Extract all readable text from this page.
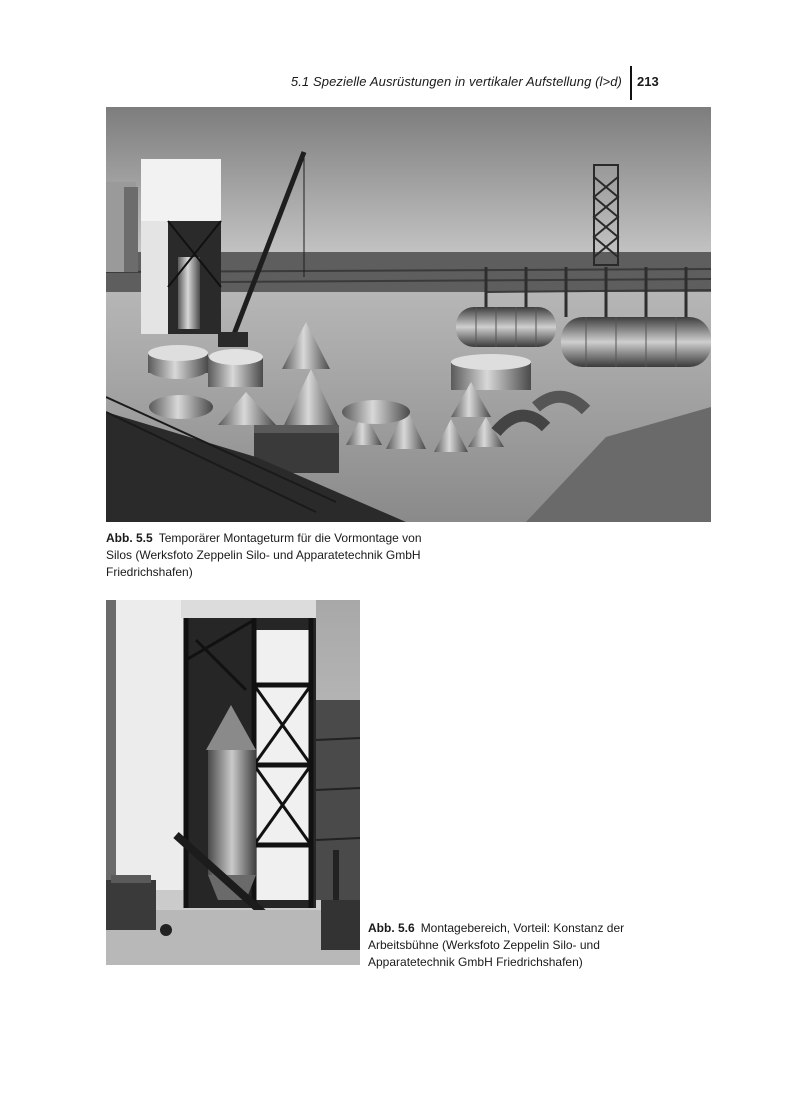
5.1 Spezielle Ausrüstungen in vertikaler Aufstellung (l>d) 213
Abb. 5.5 Temporärer Montageturm für die Vormontage von Silos (Werksfoto Zeppelin Silo- und Apparatetechnik GmbH Friedrichshafen)
Abb. 5.6 Montagebereich, Vorteil: Konstanz der Arbeitsbühne (Werksfoto Zeppelin Silo- und Apparatetechnik GmbH Friedrichshafen)
